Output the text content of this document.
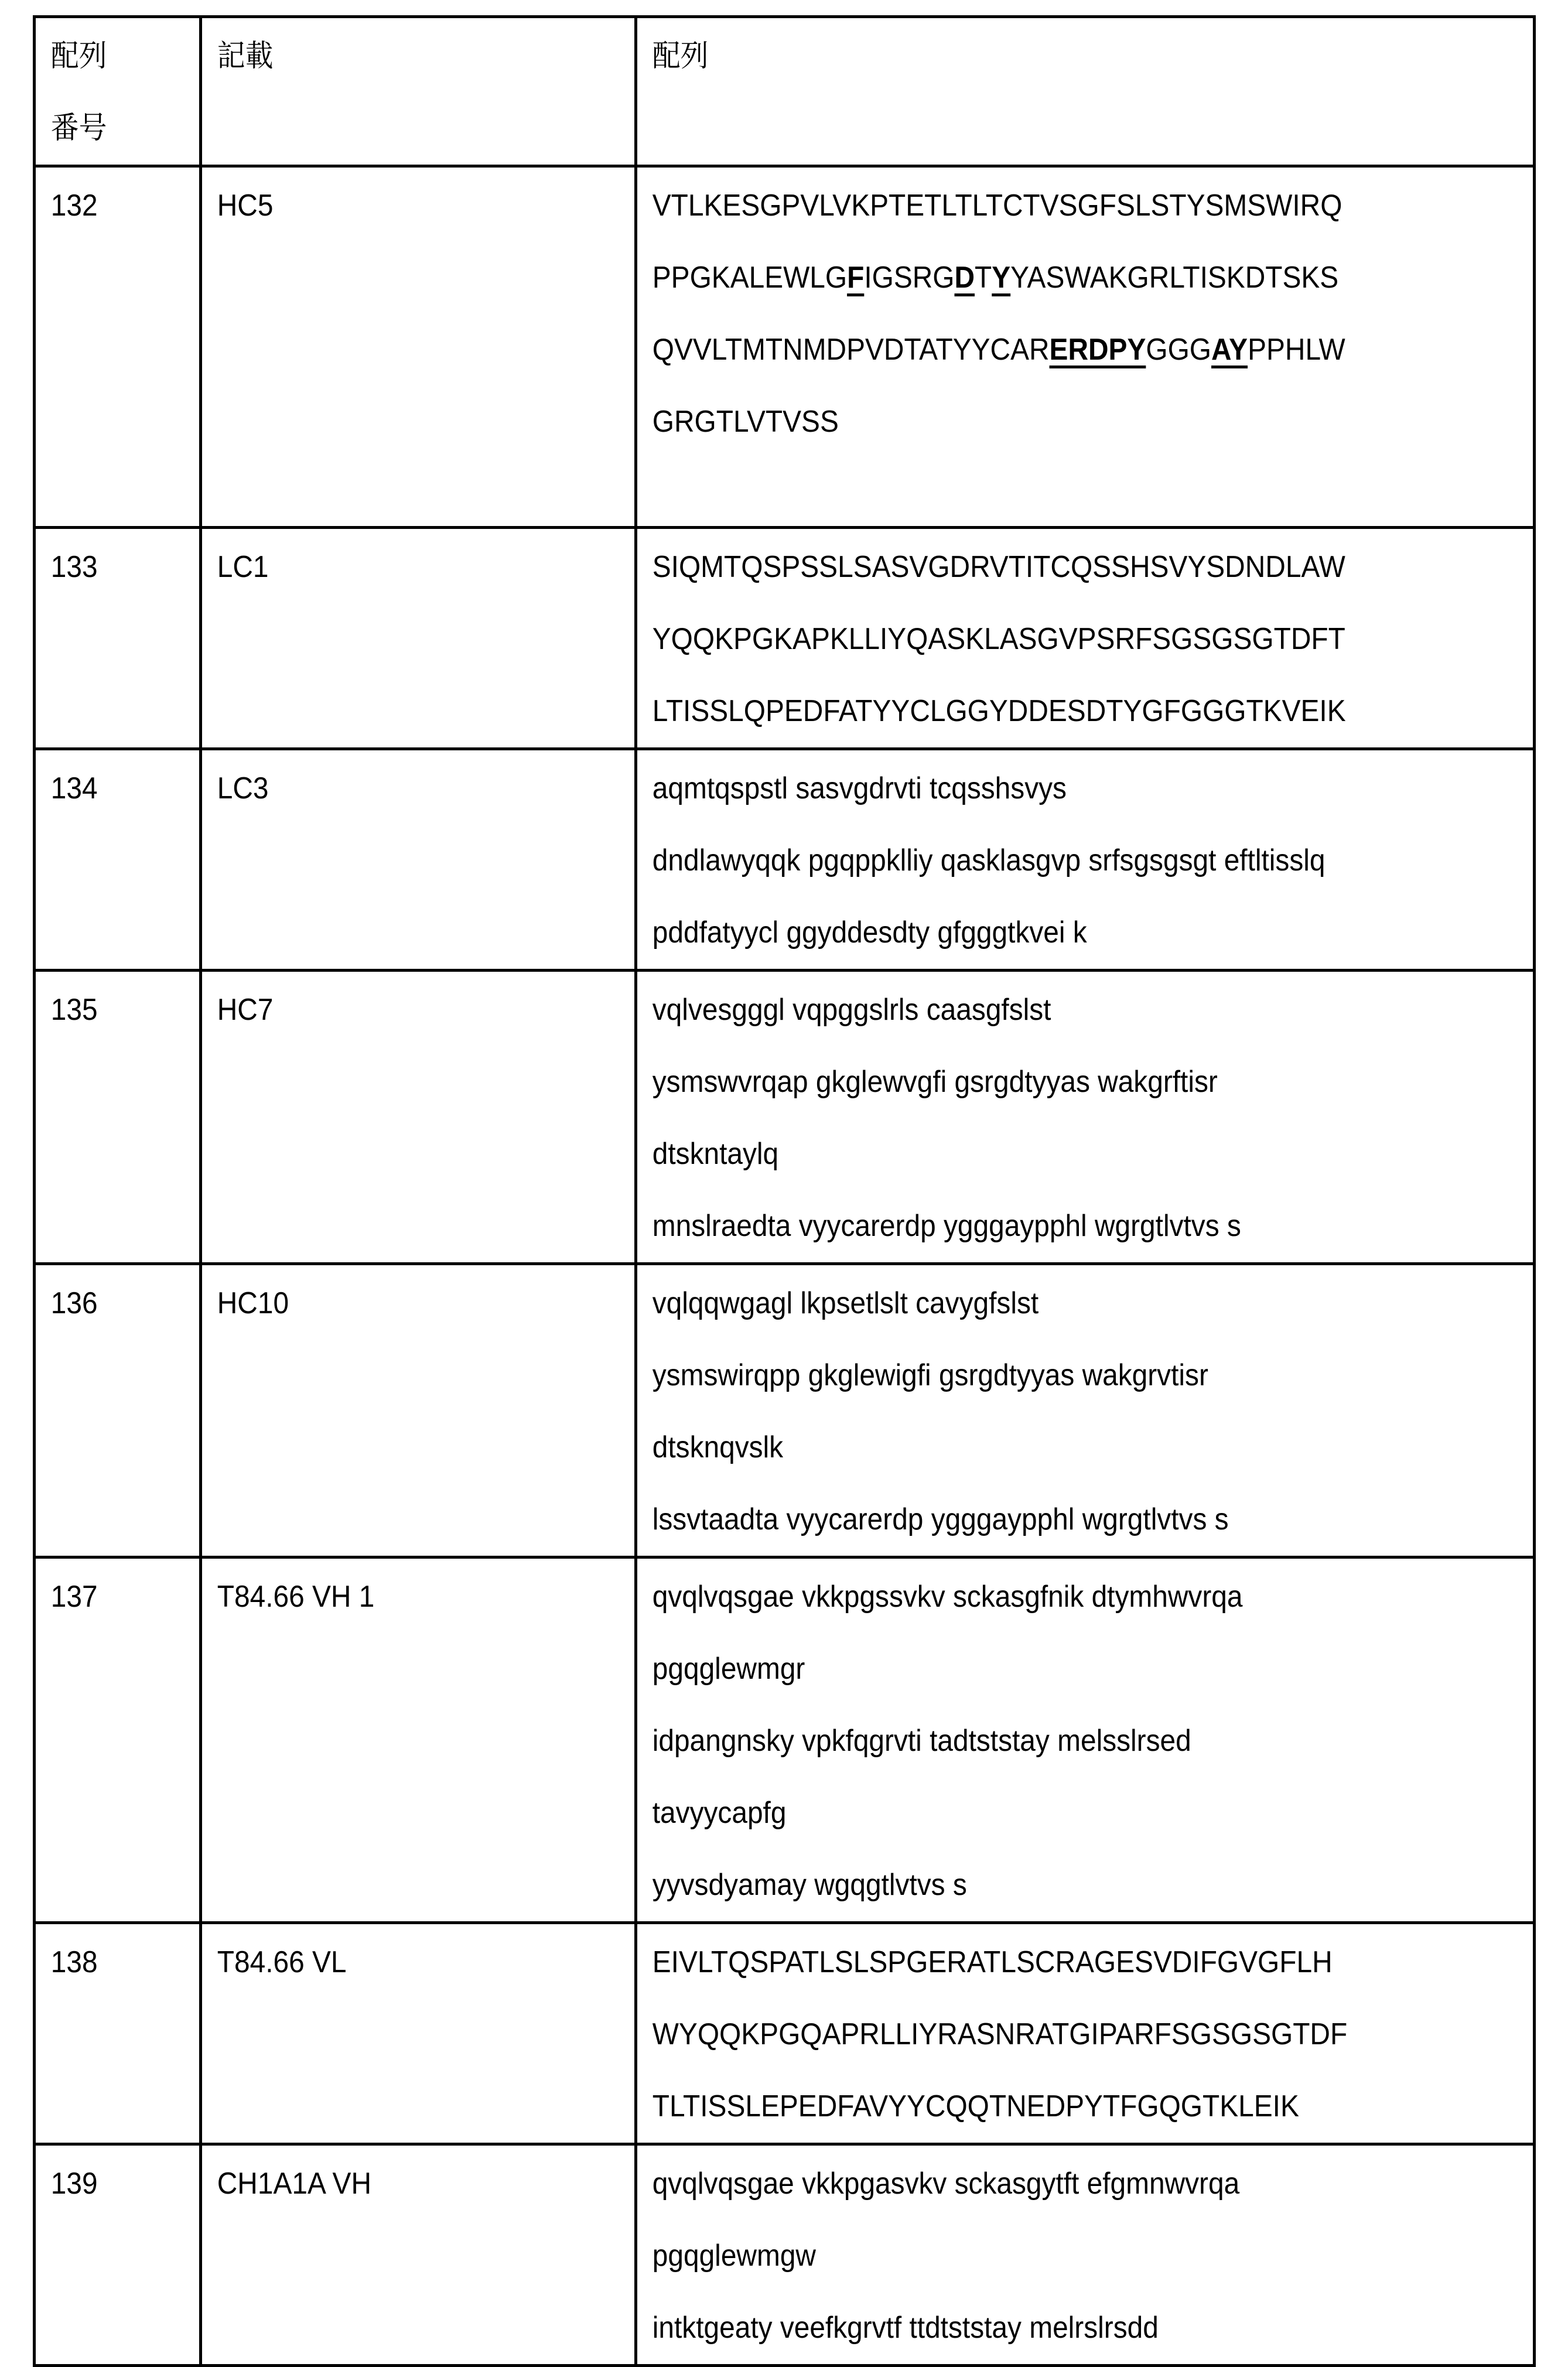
配列
番号	記載	配列

132	HC5	VTLKESGPVLVKPTETLTLTCTVSGFSLSTYSMSWIRQ
PPGKALEWLGFIGSRGDTYYASWAKGRLTISKDTSKS
QVVLTMTNMDPVDTATYYCARERDPYGGGAYPPHLW
GRGTLVTVSS

133	LC1	SIQMTQSPSSLSASVGDRVTITCQSSHSVYSDNDLAW
YQQKPGKAPKLLIYQASKLASGVPSRFSGSGSGTDFT
LTISSLQPEDFATYYCLGGYDDESDTYGFGGGTKVEIK

134	LC3	aqmtqspstl sasvgdrvti tcqsshsvys
dndlawyqqk pgqppklliy qasklasgvp srfsgsgsgt eftltisslq
pddfatyycl ggyddesdty gfgggtkvei k

135	HC7	vqlvesgggl vqpggslrls caasgfslst
ysmswvrqap gkglewvgfi gsrgdtyyas wakgrftisr
dtskntaylq
mnslraedta vyycarerdp ygggaypphl wgrgtlvtvs s

136	HC10	vqlqqwgagl lkpsetlslt cavygfslst
ysmswirqpp gkglewigfi gsrgdtyyas wakgrvtisr
dtsknqvslk
lssvtaadta vyycarerdp ygggaypphl wgrgtlvtvs s

137	T84.66 VH 1	qvqlvqsgae vkkpgssvkv sckasgfnik dtymhwvrqa
pgqglewmgr
idpangnsky vpkfqgrvti tadtststay melsslrsed
tavyycapfg
yyvsdyamay wgqgtlvtvs s

138	T84.66 VL	EIVLTQSPATLSLSPGERATLSCRAGESVDIFGVGFLH
WYQQKPGQAPRLLIYRASNRATGIPARFSGSGSGTDF
TLTISSLEPEDFAVYYCQQTNEDPYTFGQGTKLEIK

139	CH1A1A VH	qvqlvqsgae vkkpgasvkv sckasgytft efgmnwvrqa
pgqglewmgw
intktgeaty veefkgrvtf ttdtststay melrslrsdd
